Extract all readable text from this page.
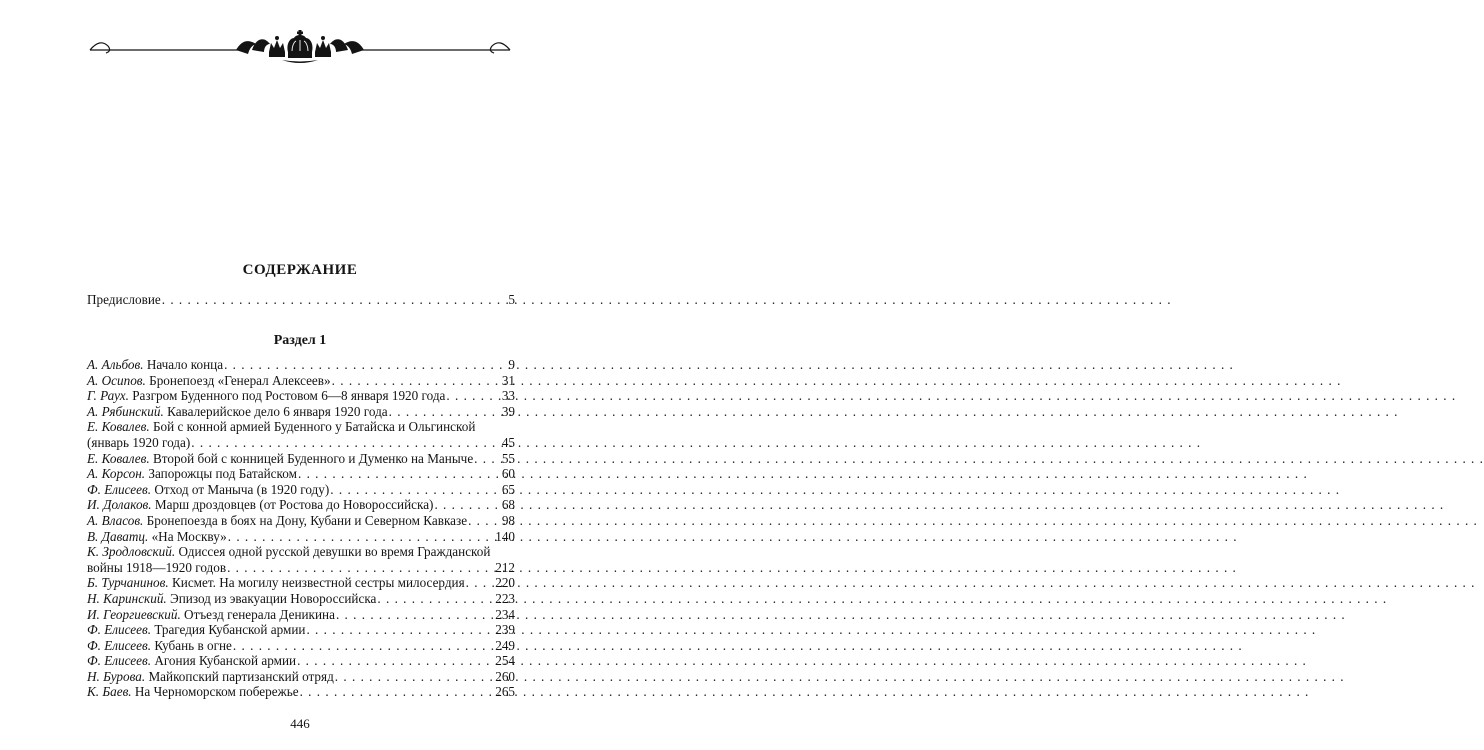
СОДЕРЖАНИЕ
Предисловие . . .	5
Раздел 1
А. Альбов. Начало конца . . .	9
А. Осипов. Бронепоезд «Генерал Алексеев» . . .	31
Г. Раух. Разгром Буденного под Ростовом 6—8 января 1920 года . . .	33
А. Рябинский. Кавалерийское дело 6 января 1920 года . . .	39
Е. Ковалев. Бой с конной армией Буденного у Батайска и Ольгинской
(январь 1920 года) . . .	45
Е. Ковалев. Второй бой с конницей Буденного и Думенко на Маныче . . . 55
А. Корсон. Запорожцы под Батайском . . .	60
Ф. Елисеев. Отход от Маныча (в 1920 году) . . .	65
И. Долаков. Марш дроздовцев (от Ростова до Новороссийска) . . .	68
А. Власов. Бронепоезда в боях на Дону, Кубани и Северном Кавказе . . .	98
В. Даватц. «На Москву» . . .	140
К. Зродловский. Одиссея одной русской девушки во время Гражданской
войны 1918—1920 годов . . .	212
Б. Турчанинов. Кисмет. На могилу неизвестной сестры милосердия . . . 220
Н. Каринский. Эпизод из эвакуации Новороссийска . . .	223
И. Георгиевский. Отъезд генерала Деникина . . .	234
Ф. Елисеев. Трагедия Кубанской армии . . .	239
Ф. Елисеев. Кубань в огне . . .	249
Ф. Елисеев. Агония Кубанской армии . . .	254
Н. Бурова. Майкопский партизанский отряд . . .	260
К. Баев. На Черноморском побережье . . .	265
446
